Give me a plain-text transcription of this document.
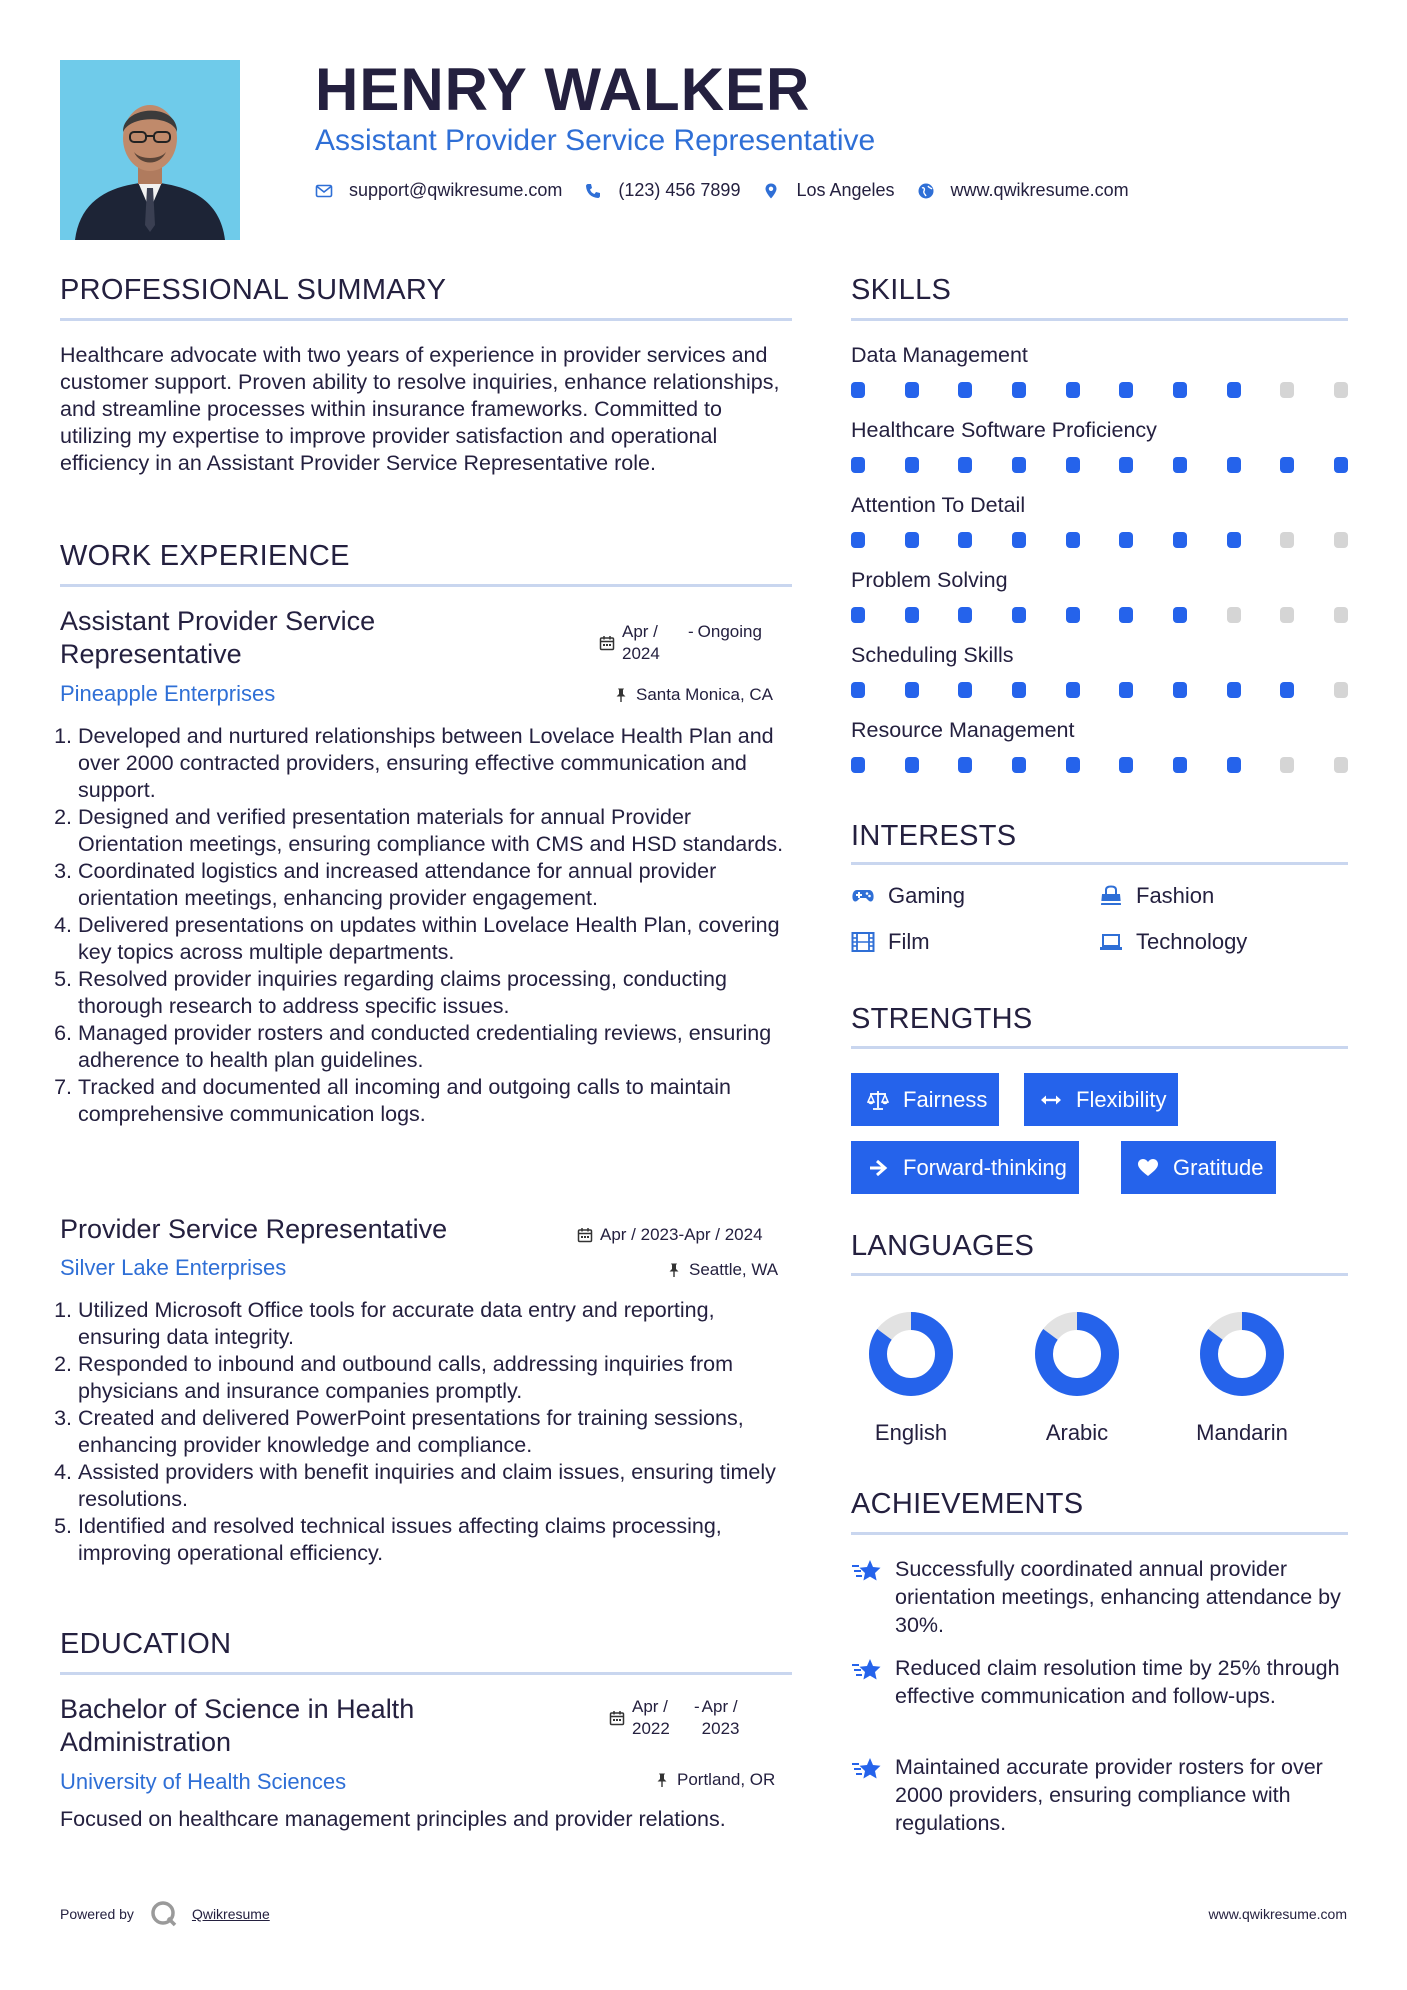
HENRY WALKER
Assistant Provider Service Representative
support@qwikresume.com	(123) 456 7899	Los Angeles	www.qwikresume.com
PROFESSIONAL SUMMARY
Healthcare advocate with two years of experience in provider services and customer support. Proven ability to resolve inquiries, enhance relationships, and streamline processes within insurance frameworks. Committed to utilizing my expertise to improve provider satisfaction and operational efficiency in an Assistant Provider Service Representative role.
WORK EXPERIENCE
Assistant Provider Service Representative
Apr / 2024
- Ongoing
Pineapple Enterprises	Santa Monica, CA
1. Developed and nurtured relationships between Lovelace Health Plan and over 2000 contracted providers, ensuring effective communication and support.
2. Designed and verified presentation materials for annual Provider Orientation meetings, ensuring compliance with CMS and HSD standards.
3. Coordinated logistics and increased attendance for annual provider orientation meetings, enhancing provider engagement.
4. Delivered presentations on updates within Lovelace Health Plan, covering key topics across multiple departments.
5. Resolved provider inquiries regarding claims processing, conducting thorough research to address specific issues.
6. Managed provider rosters and conducted credentialing reviews, ensuring adherence to health plan guidelines.
7. Tracked and documented all incoming and outgoing calls to maintain comprehensive communication logs.
Provider Service Representative	Apr / 2023-Apr / 2024
Silver Lake Enterprises	Seattle, WA
1. Utilized Microsoft Office tools for accurate data entry and reporting, ensuring data integrity.
2. Responded to inbound and outbound calls, addressing inquiries from physicians and insurance companies promptly.
3. Created and delivered PowerPoint presentations for training sessions, enhancing provider knowledge and compliance.
4. Assisted providers with benefit inquiries and claim issues, ensuring timely resolutions.
5. Identified and resolved technical issues affecting claims processing, improving operational efficiency.
EDUCATION
Bachelor of Science in Health Administration
Apr / 2022
- Apr / 2023
University of Health Sciences	Portland, OR
Focused on healthcare management principles and provider relations.
SKILLS
Data Management
Healthcare Software Proficiency
Attention To Detail
Problem Solving
Scheduling Skills
Resource Management
INTERESTS
Gaming	Fashion
Film	Technology
STRENGTHS
Fairness	Flexibility
Forward-thinking	Gratitude
LANGUAGES
English	Arabic	Mandarin
ACHIEVEMENTS
Successfully coordinated annual provider orientation meetings, enhancing attendance by 30%.
Reduced claim resolution time by 25% through effective communication and follow-ups.
Maintained accurate provider rosters for over 2000 providers, ensuring compliance with regulations.
Powered by	Qwikresume	www.qwikresume.com
